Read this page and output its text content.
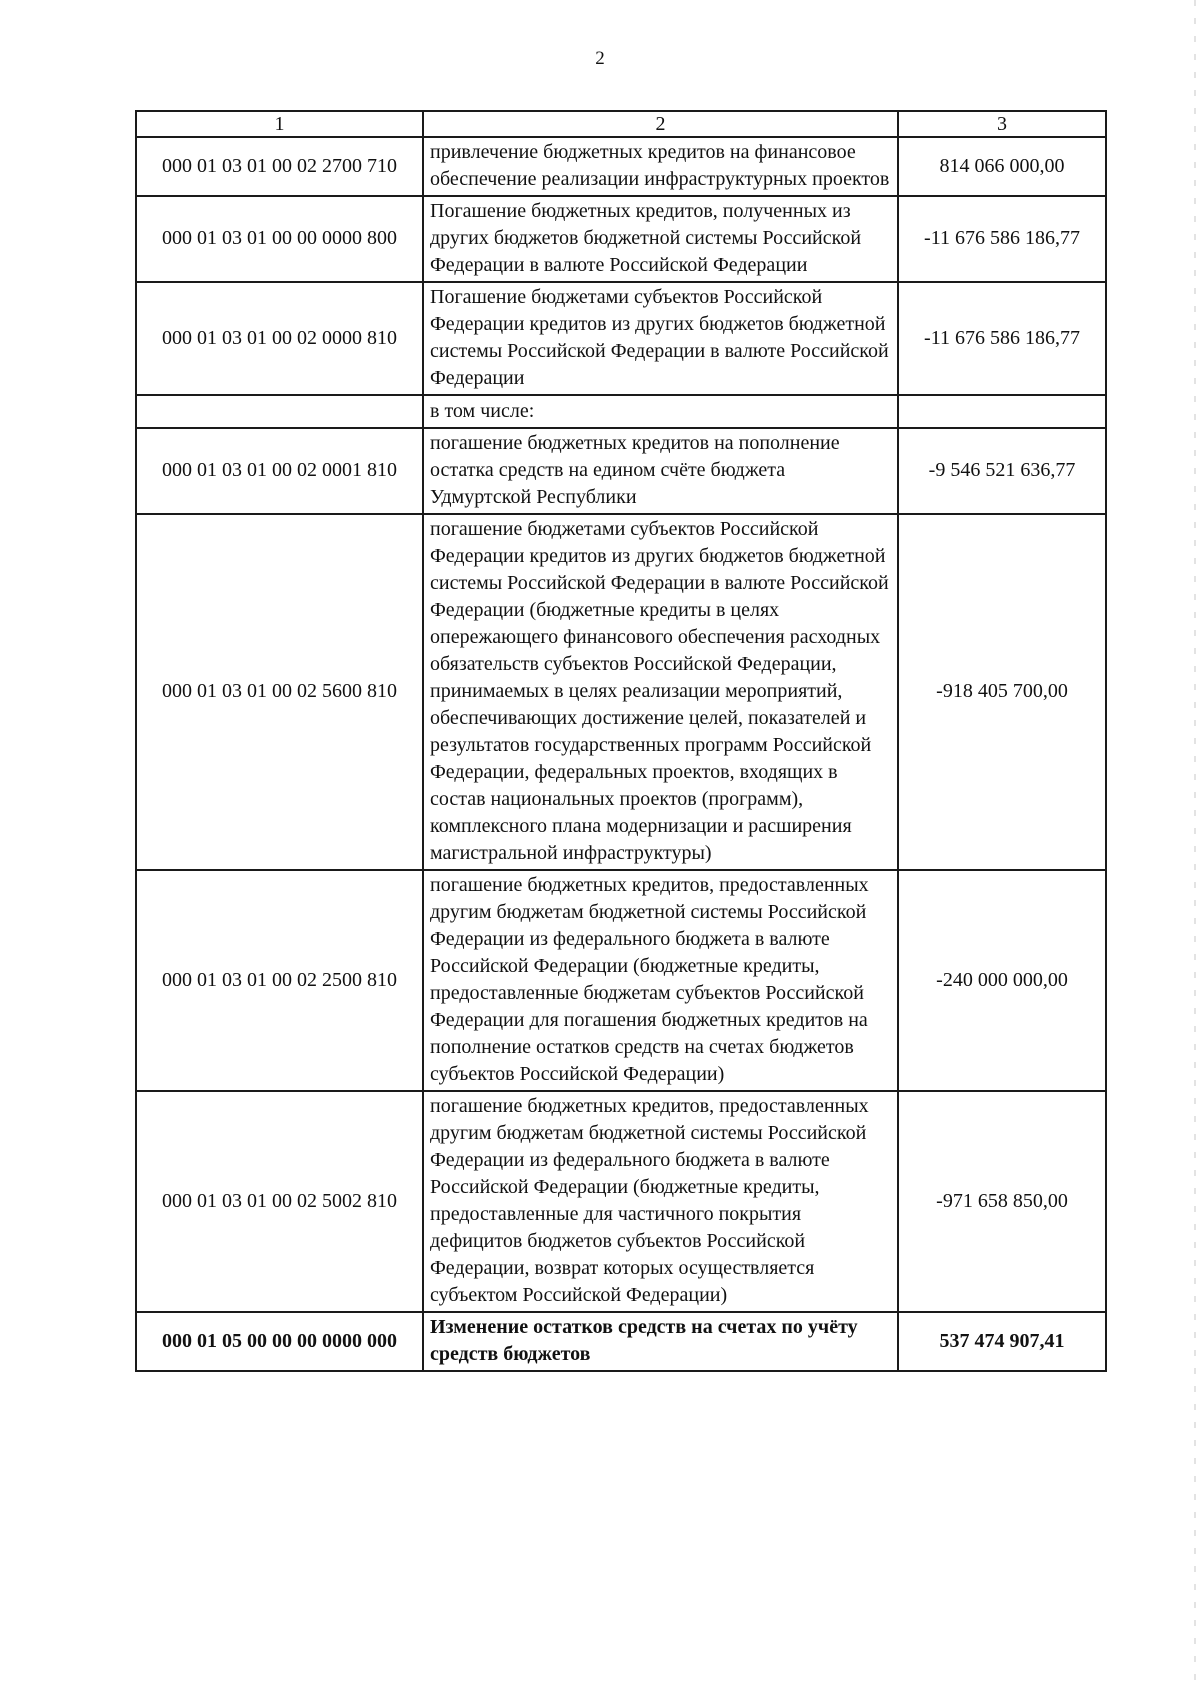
2
1	2	3
000 01 03 01 00 02 2700 710	привлечение бюджетных кредитов на финансовое обеспечение реализации инфраструктурных проектов	814 066 000,00
000 01 03 01 00 00 0000 800	Погашение бюджетных кредитов, полученных из других бюджетов бюджетной системы Российской Федерации в валюте Российской Федерации	-11 676 586 186,77
000 01 03 01 00 02 0000 810	Погашение бюджетами субъектов Российской Федерации кредитов из других бюджетов бюджетной системы Российской Федерации в валюте Российской Федерации	-11 676 586 186,77
	в том числе:	
000 01 03 01 00 02 0001 810	погашение бюджетных кредитов на пополнение остатка средств на едином счёте бюджета Удмуртской Республики	-9 546 521 636,77
000 01 03 01 00 02 5600 810	погашение бюджетами субъектов Российской Федерации кредитов из других бюджетов бюджетной системы Российской Федерации в валюте Российской Федерации (бюджетные кредиты в целях опережающего финансового обеспечения расходных обязательств субъектов Российской Федерации, принимаемых в целях реализации мероприятий, обеспечивающих достижение целей, показателей и результатов государственных программ Российской Федерации, федеральных проектов, входящих в состав национальных проектов (программ), комплексного плана модернизации и расширения магистральной инфраструктуры)	-918 405 700,00
000 01 03 01 00 02 2500 810	погашение бюджетных кредитов, предоставленных другим бюджетам бюджетной системы Российской Федерации из федерального бюджета в валюте Российской Федерации (бюджетные кредиты, предоставленные бюджетам субъектов Российской Федерации для погашения бюджетных кредитов на пополнение остатков средств на счетах бюджетов субъектов Российской Федерации)	-240 000 000,00
000 01 03 01 00 02 5002 810	погашение бюджетных кредитов, предоставленных другим бюджетам бюджетной системы Российской Федерации из федерального бюджета в валюте Российской Федерации (бюджетные кредиты, предоставленные для частичного покрытия дефицитов бюджетов субъектов Российской Федерации, возврат которых осуществляется субъектом Российской Федерации)	-971 658 850,00
000 01 05 00 00 00 0000 000	Изменение остатков средств на счетах по учёту средств бюджетов	537 474 907,41
